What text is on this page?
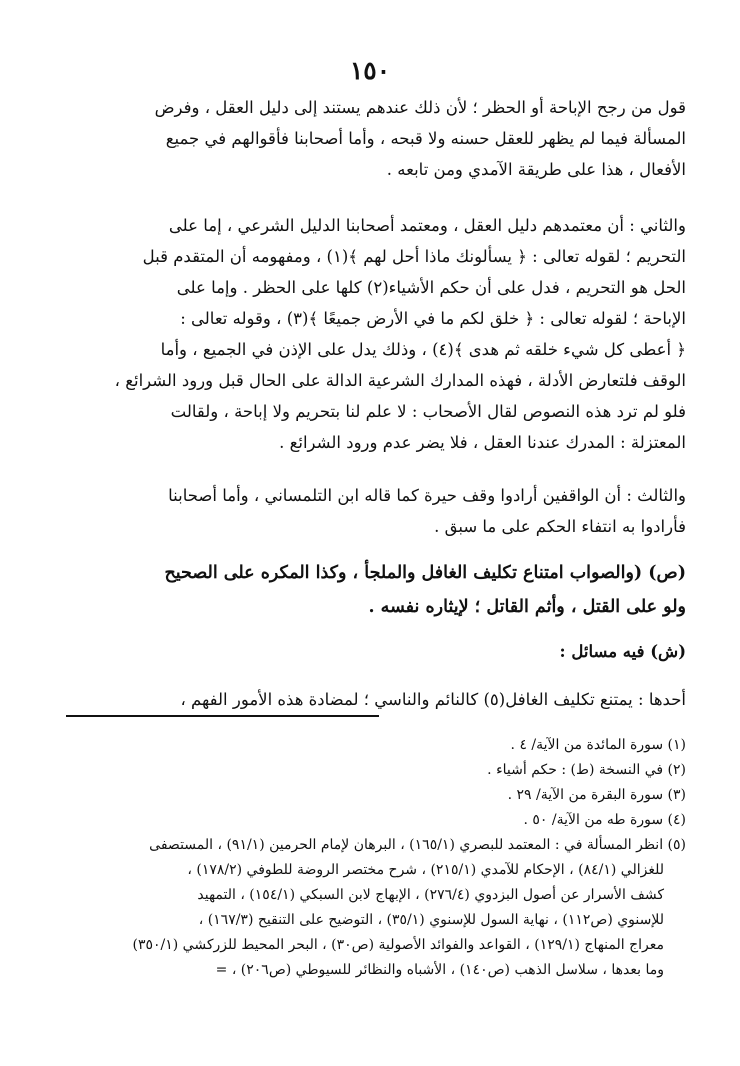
١٥٠
قول من رجح الإباحة أو الحظر ؛ لأن ذلك عندهم يستند إلى دليل العقل ، وفرض
المسألة فيما لم يظهر للعقل حسنه ولا قبحه ، وأما أصحابنا فأقوالهم في جميع
الأفعال ، هذا على طريقة الآمدي ومن تابعه .
والثاني : أن معتمدهم دليل العقل ، ومعتمد أصحابنا الدليل الشرعي ، إما على
التحريم ؛ لقوله تعالى : ﴿ يسألونك ماذا أحل لهم ﴾(١) ، ومفهومه أن المتقدم قبل
الحل هو التحريم ، فدل على أن حكم الأشياء(٢) كلها على الحظر . وإما على
الإباحة ؛ لقوله تعالى : ﴿ خلق لكم ما في الأرض جميعًا ﴾(٣) ، وقوله تعالى :
﴿ أعطى كل شيء خلقه ثم هدى ﴾(٤) ، وذلك يدل على الإذن في الجميع ، وأما
الوقف فلتعارض الأدلة ، فهذه المدارك الشرعية الدالة على الحال قبل ورود الشرائع ،
فلو لم ترد هذه النصوص لقال الأصحاب : لا علم لنا بتحريم ولا إباحة ، ولقالت
المعتزلة : المدرك عندنا العقل ، فلا يضر عدم ورود الشرائع .
والثالث : أن الواقفين أرادوا وقف حيرة كما قاله ابن التلمساني ، وأما أصحابنا
فأرادوا به انتفاء الحكم على ما سبق .
(ص) (والصواب امتناع تكليف الغافل والملجأ ، وكذا المكره على الصحيح
ولو على القتل ، وأثم القاتل ؛ لإيثاره نفسه .
(ش) فيه مسائل :
أحدها : يمتنع تكليف الغافل(٥) كالنائم والناسي ؛ لمضادة هذه الأمور الفهم ،
(١) سورة المائدة من الآية/ ٤ .
(٢) في النسخة (ط) : حكم أشياء .
(٣) سورة البقرة من الآية/ ٢٩ .
(٤) سورة طه من الآية/ ٥٠ .
(٥) انظر المسألة في : المعتمد للبصري (١٦٥/١) ، البرهان لإمام الحرمين (٩١/١) ، المستصفى
للغزالي (٨٤/١) ، الإحكام للآمدي (٢١٥/١) ، شرح مختصر الروضة للطوفي (١٧٨/٢) ،
كشف الأسرار عن أصول البزدوي (٢٧٦/٤) ، الإبهاج لابن السبكي (١٥٤/١) ، التمهيد
للإسنوي (ص١١٢) ، نهاية السول للإسنوي (٣٥/١) ، التوضيح على التنقيح (١٦٧/٣) ،
معراج المنهاج (١٢٩/١) ، القواعد والفوائد الأصولية (ص٣٠) ، البحر المحيط للزركشي (٣٥٠/١)
وما بعدها ، سلاسل الذهب (ص١٤٠) ، الأشباه والنظائر للسيوطي (ص٢٠٦) ، =
